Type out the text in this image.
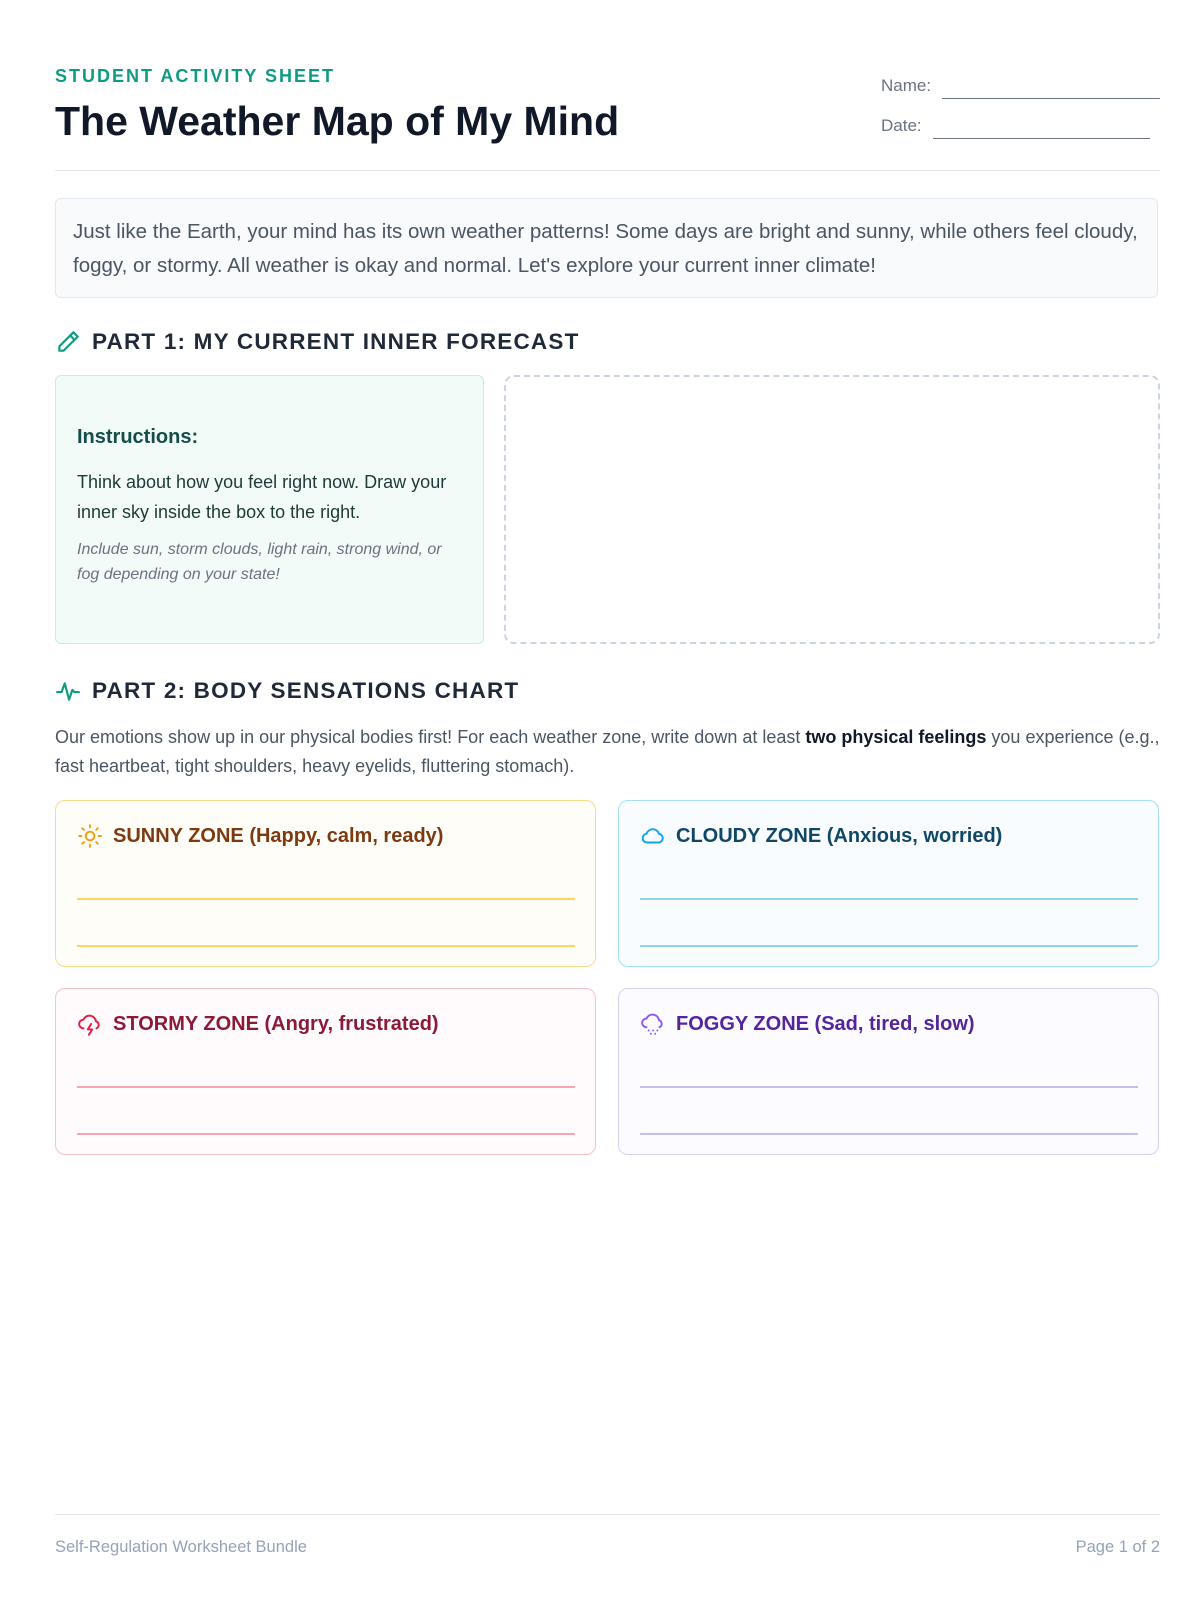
STUDENT ACTIVITY SHEET
The Weather Map of My Mind
Name:
Date:
Just like the Earth, your mind has its own weather patterns! Some days are bright and sunny, while others feel cloudy, foggy, or stormy. All weather is okay and normal. Let's explore your current inner climate!
PART 1: MY CURRENT INNER FORECAST
Instructions:
Think about how you feel right now. Draw your inner sky inside the box to the right.
Include sun, storm clouds, light rain, strong wind, or fog depending on your state!
PART 2: BODY SENSATIONS CHART
Our emotions show up in our physical bodies first! For each weather zone, write down at least two physical feelings you experience (e.g., fast heartbeat, tight shoulders, heavy eyelids, fluttering stomach).
SUNNY ZONE (Happy, calm, ready)	CLOUDY ZONE (Anxious, worried)
STORMY ZONE (Angry, frustrated)	FOGGY ZONE (Sad, tired, slow)
Self-Regulation Worksheet Bundle	Page 1 of 2
